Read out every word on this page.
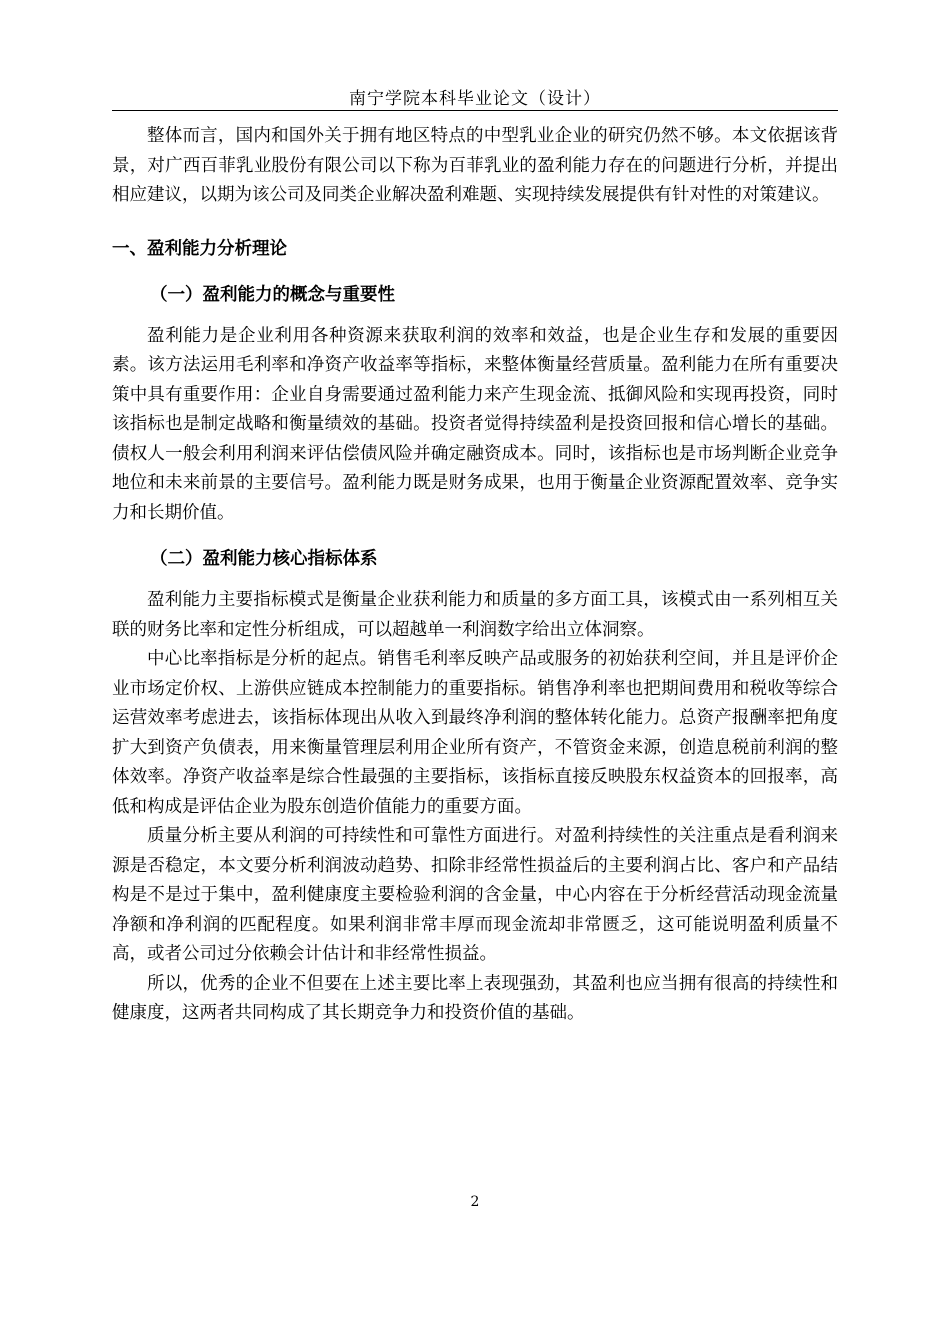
南宁学院本科毕业论文（设计）

整体而言，国内和国外关于拥有地区特点的中型乳业企业的研究仍然不够。本文依据该背景，对广西百菲乳业股份有限公司以下称为百菲乳业的盈利能力存在的问题进行分析，并提出相应建议，以期为该公司及同类企业解决盈利难题、实现持续发展提供有针对性的对策建议。

一、盈利能力分析理论
（一）盈利能力的概念与重要性

盈利能力是企业利用各种资源来获取利润的效率和效益，也是企业生存和发展的重要因素。该方法运用毛利率和净资产收益率等指标，来整体衡量经营质量。盈利能力在所有重要决策中具有重要作用：企业自身需要通过盈利能力来产生现金流、抵御风险和实现再投资，同时该指标也是制定战略和衡量绩效的基础。投资者觉得持续盈利是投资回报和信心增长的基础。债权人一般会利用利润来评估偿债风险并确定融资成本。同时，该指标也是市场判断企业竞争地位和未来前景的主要信号。盈利能力既是财务成果，也用于衡量企业资源配置效率、竞争实力和长期价值。

（二）盈利能力核心指标体系

盈利能力主要指标模式是衡量企业获利能力和质量的多方面工具，该模式由一系列相互关联的财务比率和定性分析组成，可以超越单一利润数字给出立体洞察。

中心比率指标是分析的起点。销售毛利率反映产品或服务的初始获利空间，并且是评价企业市场定价权、上游供应链成本控制能力的重要指标。销售净利率也把期间费用和税收等综合运营效率考虑进去，该指标体现出从收入到最终净利润的整体转化能力。总资产报酬率把角度扩大到资产负债表，用来衡量管理层利用企业所有资产，不管资金来源，创造息税前利润的整体效率。净资产收益率是综合性最强的主要指标，该指标直接反映股东权益资本的回报率，高低和构成是评估企业为股东创造价值能力的重要方面。

质量分析主要从利润的可持续性和可靠性方面进行。对盈利持续性的关注重点是看利润来源是否稳定，本文要分析利润波动趋势、扣除非经常性损益后的主要利润占比、客户和产品结构是不是过于集中，盈利健康度主要检验利润的含金量，中心内容在于分析经营活动现金流量净额和净利润的匹配程度。如果利润非常丰厚而现金流却非常匮乏，这可能说明盈利质量不高，或者公司过分依赖会计估计和非经常性损益。

所以，优秀的企业不但要在上述主要比率上表现强劲，其盈利也应当拥有很高的持续性和健康度，这两者共同构成了其长期竞争力和投资价值的基础。

2
